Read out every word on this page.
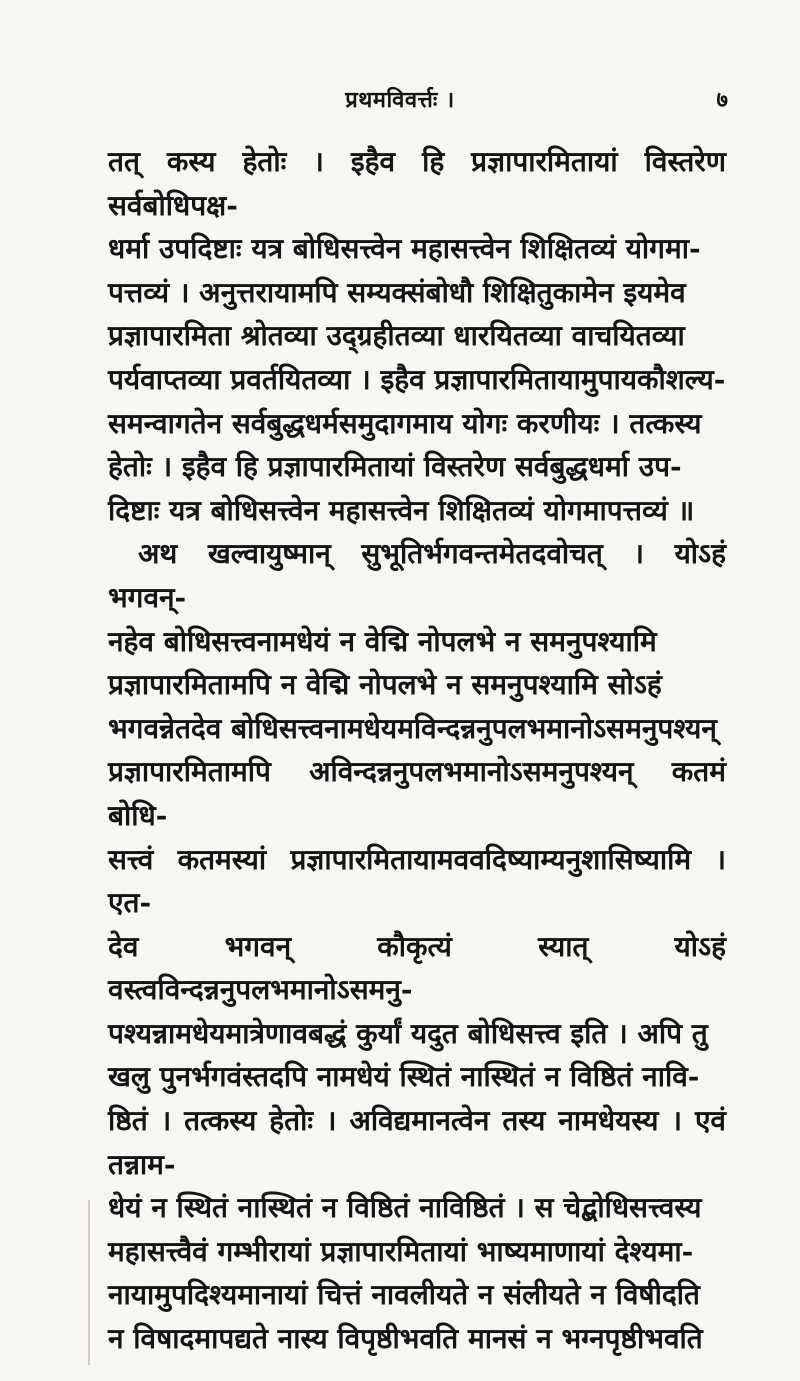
प्रथमविवर्त्तः ।	७

तत् कस्य हेतोः । इहैव हि प्रज्ञापारमितायां विस्तरेण सर्वबोधिपक्ष-
धर्मा उपदिष्टाः यत्र बोधिसत्त्वेन महासत्त्वेन शिक्षितव्यं योगमा-
पत्तव्यं । अनुत्तरायामपि सम्यक्संबोधौ शिक्षितुकामेन इयमेव
प्रज्ञापारमिता श्रोतव्या उद्ग्रहीतव्या धारयितव्या वाचयितव्या
पर्यवाप्तव्या प्रवर्तयितव्या । इहैव प्रज्ञापारमितायामुपायकौशल्य-
समन्वागतेन सर्वबुद्धधर्मसमुदागमाय योगः करणीयः । तत्कस्य
हेतोः । इहैव हि प्रज्ञापारमितायां विस्तरेण सर्वबुद्धधर्मा उप-
दिष्टाः यत्र बोधिसत्त्वेन महासत्त्वेन शिक्षितव्यं योगमापत्तव्यं ॥

अथ खल्वायुष्मान् सुभूतिर्भगवन्तमेतदवोचत् । योऽहं भगवन्-
नहेव बोधिसत्त्वनामधेयं न वेद्मि नोपलभे न समनुपश्यामि
प्रज्ञापारमितामपि न वेद्मि नोपलभे न समनुपश्यामि सोऽहं
भगवन्नेतदेव बोधिसत्त्वनामधेयमविन्दन्ननुपलभमानोऽसमनुपश्यन्
प्रज्ञापारमितामपि अविन्दन्ननुपलभमानोऽसमनुपश्यन् कतमं बोधि-
सत्त्वं कतमस्यां प्रज्ञापारमितायामववदिष्याम्यनुशासिष्यामि । एत-
देव भगवन् कौकृत्यं स्यात् योऽहं वस्त्वविन्दन्ननुपलभमानोऽसमनु-
पश्यन्नामधेयमात्रेणावबद्धं कुर्यां यदुत बोधिसत्त्व इति । अपि तु
खलु पुनर्भगवंस्तदपि नामधेयं स्थितं नास्थितं न विष्ठितं नावि-
ष्ठितं । तत्कस्य हेतोः । अविद्यमानत्वेन तस्य नामधेयस्य । एवं तन्नाम-
धेयं न स्थितं नास्थितं न विष्ठितं नाविष्ठितं । स चेद्बोधिसत्त्वस्य
महासत्त्वैवं गम्भीरायां प्रज्ञापारमितायां भाष्यमाणायां देश्यमा-
नायामुपदिश्यमानायां चित्तं नावलीयते न संलीयते न विषीदति
न विषादमापद्यते नास्य विपृष्ठीभवति मानसं न भग्नपृष्ठीभवति
